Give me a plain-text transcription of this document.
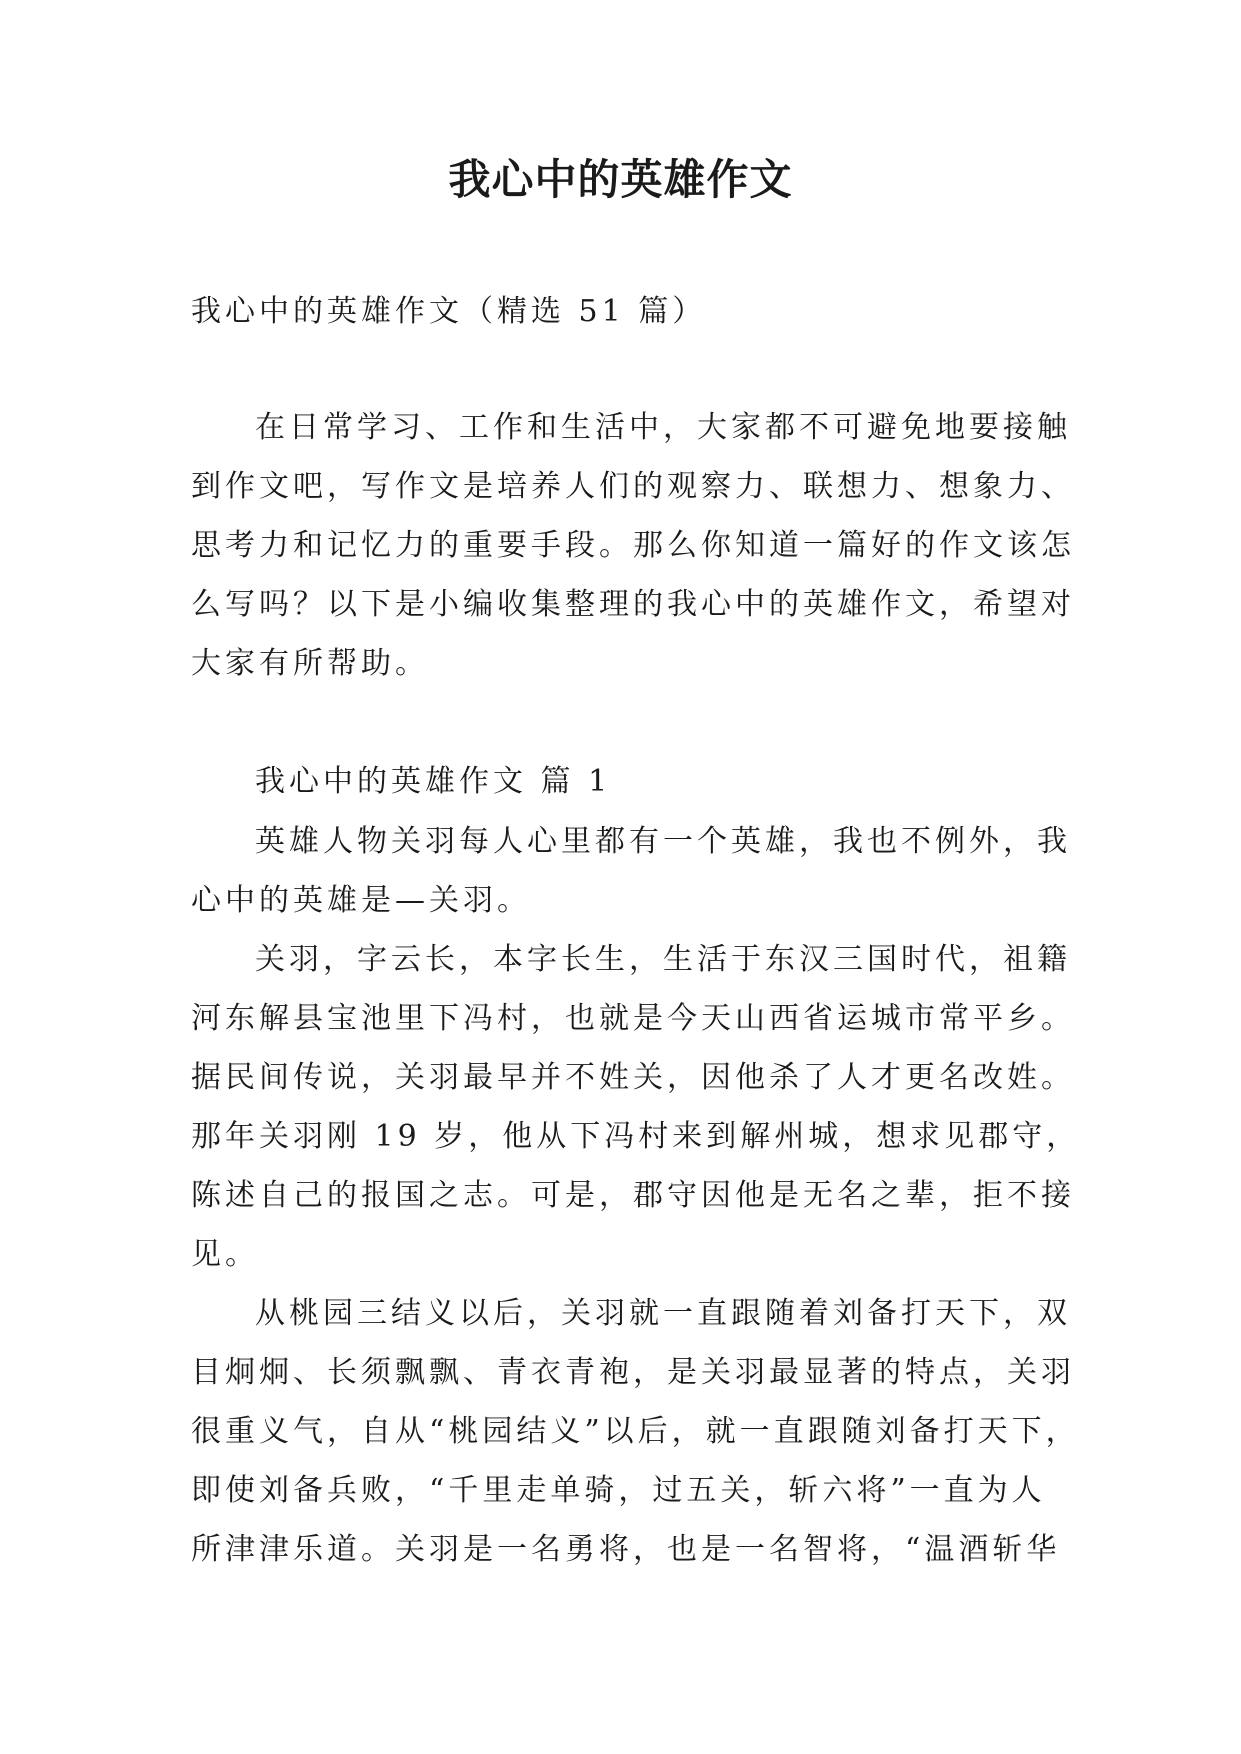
我心中的英雄作文
我心中的英雄作文（精选 51 篇）
在日常学习、工作和生活中，大家都不可避免地要接触
到作文吧，写作文是培养人们的观察力、联想力、想象力、
思考力和记忆力的重要手段。那么你知道一篇好的作文该怎
么写吗？以下是小编收集整理的我心中的英雄作文，希望对
大家有所帮助。
我心中的英雄作文 篇 1
英雄人物关羽每人心里都有一个英雄，我也不例外，我
心中的英雄是—关羽。
关羽，字云长，本字长生，生活于东汉三国时代，祖籍
河东解县宝池里下冯村，也就是今天山西省运城市常平乡。
据民间传说，关羽最早并不姓关，因他杀了人才更名改姓。
那年关羽刚 19 岁，他从下冯村来到解州城，想求见郡守，
陈述自己的报国之志。可是，郡守因他是无名之辈，拒不接
见。
从桃园三结义以后，关羽就一直跟随着刘备打天下，双
目炯炯、长须飘飘、青衣青袍，是关羽最显著的特点，关羽
很重义气，自从“桃园结义”以后，就一直跟随刘备打天下，
即使刘备兵败，“千里走单骑，过五关，斩六将”一直为人
所津津乐道。关羽是一名勇将，也是一名智将，“温酒斩华
